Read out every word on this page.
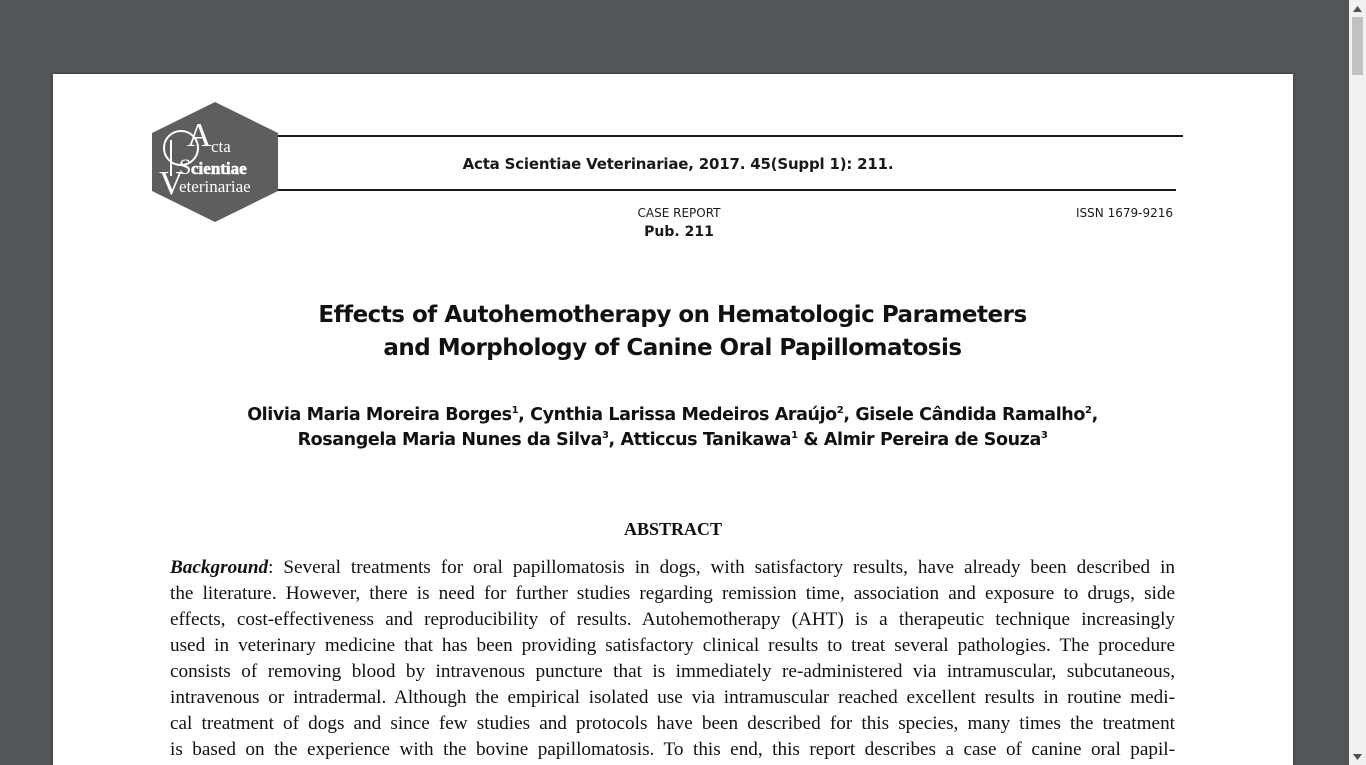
A cta
S cientiae
V
eterinariae
Acta Scientiae Veterinariae, 2017. 45(Suppl 1): 211.
CASE REPORT
Pub. 211
ISSN 1679-9216
Effects of Autohemotherapy on Hematologic Parameters
and Morphology of Canine Oral Papillomatosis
Olivia Maria Moreira Borges$^1$, Cynthia Larissa Medeiros Araújo$^2$, Gisele Cândida Ramalho$^2$,
Rosangela Maria Nunes da Silva$^3$, Atticcus Tanikawa$^1$ & Almir Pereira de Souza$^3$
ABSTRACT
Background: Several treatments for oral papillomatosis in dogs, with satisfactory results, have already been described in
the literature. However, there is need for further studies regarding remission time, association and exposure to drugs, side
effects, cost-effectiveness and reproducibility of results. Autohemotherapy (AHT) is a therapeutic technique increasingly
used in veterinary medicine that has been providing satisfactory clinical results to treat several pathologies. The procedure
consists of removing blood by intravenous puncture that is immediately re-administered via intramuscular, subcutaneous,
intravenous or intradermal. Although the empirical isolated use via intramuscular reached excellent results in routine medi-
cal treatment of dogs and since few studies and protocols have been described for this species, many times the treatment
is based on the experience with the bovine papillomatosis. To this end, this report describes a case of canine oral papil-
